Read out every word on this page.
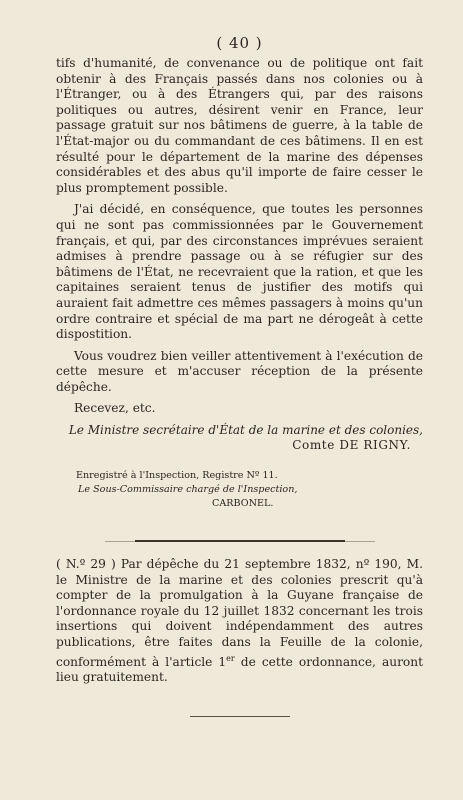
( 40 )

tifs d'humanité, de convenance ou de politique ont fait obtenir à des Français passés dans nos colonies ou à l'Étranger, ou à des Étrangers qui, par des raisons politiques ou autres, désirent venir en France, leur passage gratuit sur nos bâtimens de guerre, à la table de l'État-major ou du commandant de ces bâtimens. Il en est résulté pour le département de la marine des dépenses considérables et des abus qu'il importe de faire cesser le plus promptement possible.

J'ai décidé, en conséquence, que toutes les personnes qui ne sont pas commissionnées par le Gouvernement français, et qui, par des circonstances imprévues seraient admises à prendre passage ou à se réfugier sur des bâtimens de l'État, ne recevraient que la ration, et que les capitaines seraient tenus de justifier des motifs qui auraient fait admettre ces mêmes passagers à moins qu'un ordre contraire et spécial de ma part ne dérogeât à cette dispostition.

Vous voudrez bien veiller attentivement à l'exécution de cette mesure et m'accuser réception de la présente dépêche.

Recevez, etc.
Le Ministre secrétaire d'État de la marine et des colonies,
Comte DE RIGNY.
Enregistré à l'Inspection, Registre Nº 11.
Le Sous-Commissaire chargé de l'Inspection,
CARBONEL.

( N.º 29 ) Par dépêche du 21 septembre 1832, nº 190, M. le Ministre de la marine et des colonies prescrit qu'à compter de la promulgation à la Guyane française de l'ordonnance royale du 12 juillet 1832 concernant les trois insertions qui doivent indépendamment des autres publications, être faites dans la Feuille de la colonie, conformément à l'article 1er de cette ordonnance, auront lieu gratuitement.
